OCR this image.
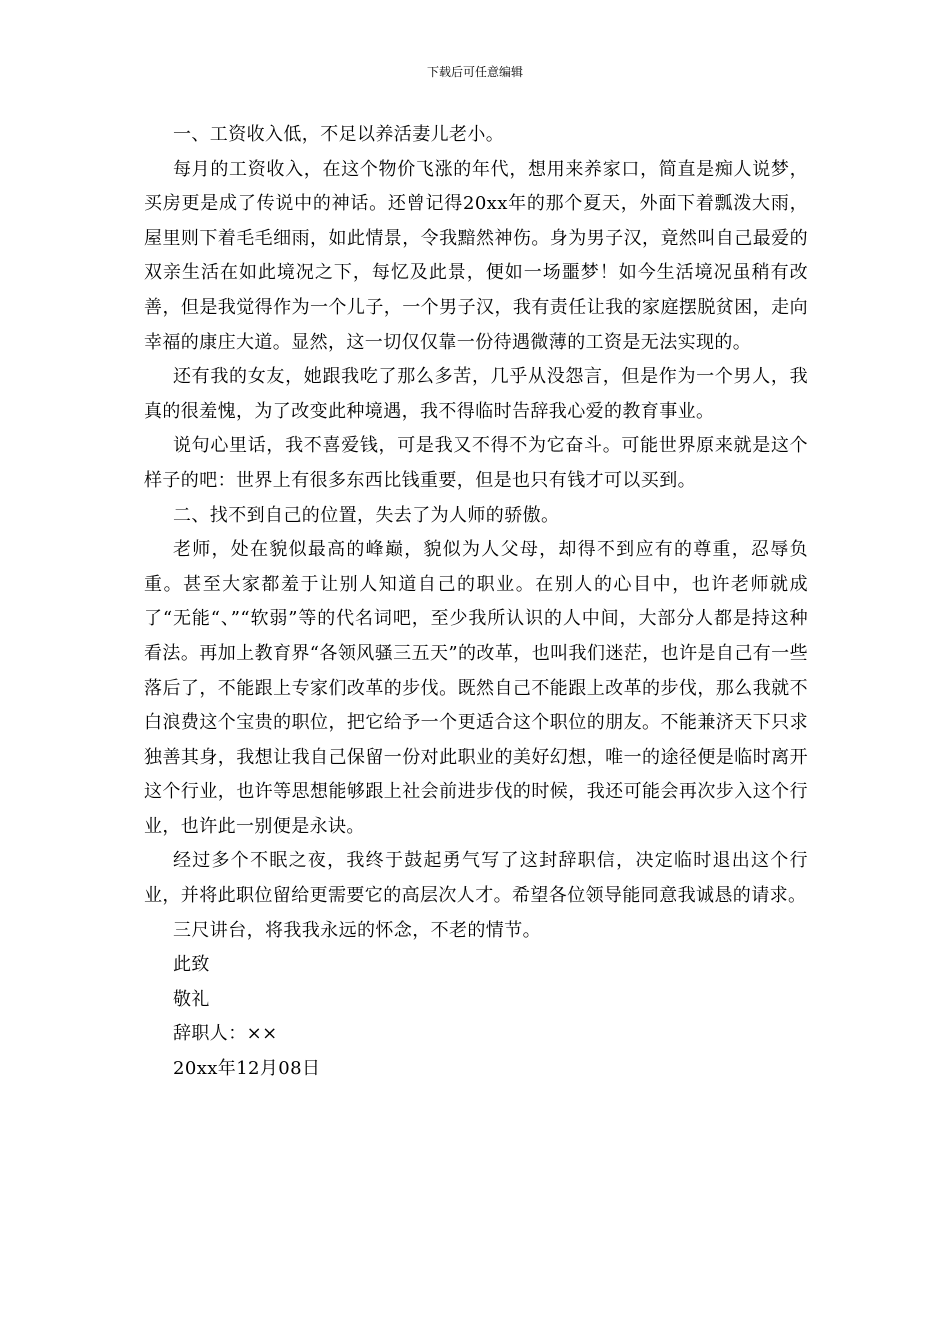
下载后可任意编辑

一、工资收入低，不足以养活妻儿老小。

每月的工资收入，在这个物价飞涨的年代，想用来养家口，简直是痴人说梦，买房更是成了传说中的神话。还曾记得20xx年的那个夏天，外面下着瓢泼大雨，屋里则下着毛毛细雨，如此情景，令我黯然神伤。身为男子汉，竟然叫自己最爱的双亲生活在如此境况之下，每忆及此景，便如一场噩梦！如今生活境况虽稍有改善，但是我觉得作为一个儿子，一个男子汉，我有责任让我的家庭摆脱贫困，走向幸福的康庄大道。显然，这一切仅仅靠一份待遇微薄的工资是无法实现的。

还有我的女友，她跟我吃了那么多苦，几乎从没怨言，但是作为一个男人，我真的很羞愧，为了改变此种境遇，我不得临时告辞我心爱的教育事业。

说句心里话，我不喜爱钱，可是我又不得不为它奋斗。可能世界原来就是这个样子的吧：世界上有很多东西比钱重要，但是也只有钱才可以买到。

二、找不到自己的位置，失去了为人师的骄傲。

老师，处在貌似最高的峰巅，貌似为人父母，却得不到应有的尊重，忍辱负重。甚至大家都羞于让别人知道自己的职业。在别人的心目中，也许老师就成了“无能“、”“软弱”等的代名词吧，至少我所认识的人中间，大部分人都是持这种看法。再加上教育界“各领风骚三五天”的改革，也叫我们迷茫，也许是自己有一些落后了，不能跟上专家们改革的步伐。既然自己不能跟上改革的步伐，那么我就不白浪费这个宝贵的职位，把它给予一个更适合这个职位的朋友。不能兼济天下只求独善其身，我想让我自己保留一份对此职业的美好幻想，唯一的途径便是临时离开这个行业，也许等思想能够跟上社会前进步伐的时候，我还可能会再次步入这个行业，也许此一别便是永诀。

经过多个不眠之夜，我终于鼓起勇气写了这封辞职信，决定临时退出这个行业，并将此职位留给更需要它的高层次人才。希望各位领导能同意我诚恳的请求。

三尺讲台，将我我永远的怀念，不老的情节。

此致

敬礼

辞职人：××

20xx年12月08日
